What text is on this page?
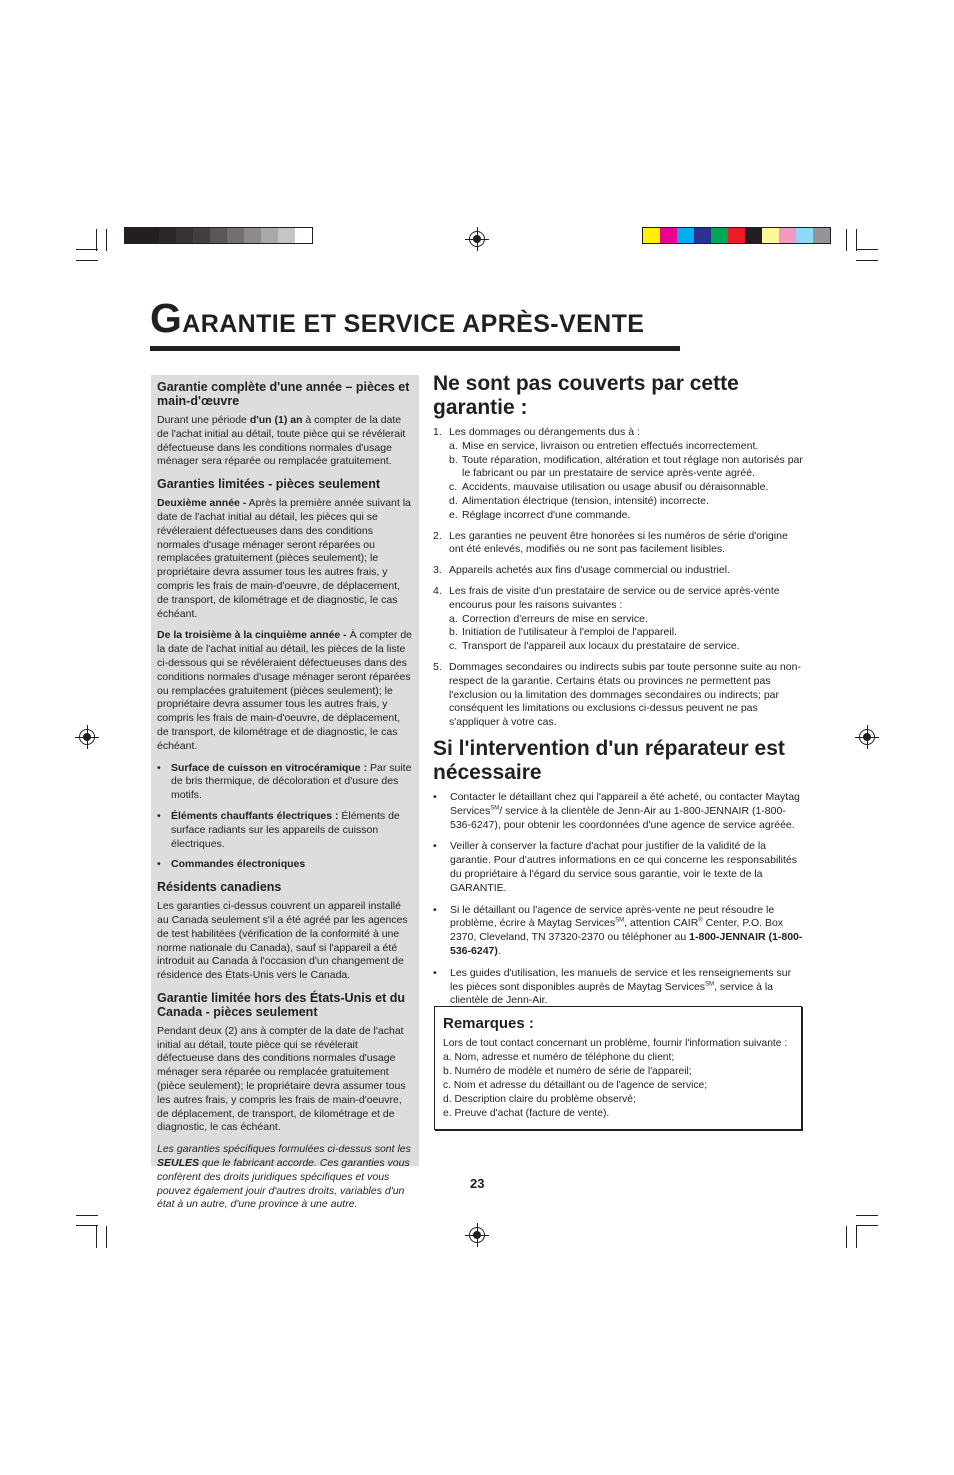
GARANTIE ET SERVICE APRÈS-VENTE
Garantie complète d'une année – pièces et main-d'œuvre

Durant une période d'un (1) an à compter de la date de l'achat initial au détail, toute pièce qui se révélerait défectueuse dans les conditions normales d'usage ménager sera réparée ou remplacée gratuitement.

Garanties limitées - pièces seulement

Deuxième année - Après la première année suivant la date de l'achat initial au détail, les pièces qui se révéleraient défectueuses dans des conditions normales d'usage ménager seront réparées ou remplacées gratuitement (pièces seulement); le propriétaire devra assumer tous les autres frais, y compris les frais de main-d'oeuvre, de déplacement, de transport, de kilométrage et de diagnostic, le cas échéant.

De la troisième à la cinquième année - À compter de la date de l'achat initial au détail, les pièces de la liste ci-dessous qui se révéleraient défectueuses dans des conditions normales d'usage ménager seront réparées ou remplacées gratuitement (pièces seulement); le propriétaire devra assumer tous les autres frais, y compris les frais de main-d'oeuvre, de déplacement, de transport, de kilométrage et de diagnostic, le cas échéant.

• Surface de cuisson en vitrocéramique : Par suite de bris thermique, de décoloration et d'usure des motifs.
• Éléments chauffants électriques : Éléments de surface radiants sur les appareils de cuisson électriques.
• Commandes électroniques
Résidents canadiens

Les garanties ci-dessus couvrent un appareil installé au Canada seulement s'il a été agréé par les agences de test habilitées (vérification de la conformité à une norme nationale du Canada), sauf si l'appareil a été introduit au Canada à l'occasion d'un changement de résidence des États-Unis vers le Canada.

Garantie limitée hors des États-Unis et du Canada - pièces seulement

Pendant deux (2) ans à compter de la date de l'achat initial au détail, toute pièce qui se révélerait défectueuse dans des conditions normales d'usage ménager sera réparée ou remplacée gratuitement (pièce seulement); le propriétaire devra assumer tous les autres frais, y compris les frais de main-d'oeuvre, de déplacement, de transport, de kilométrage et de diagnostic, le cas échéant.

Les garanties spécifiques formulées ci-dessus sont les SEULES que le fabricant accorde. Ces garanties vous confèrent des droits juridiques spécifiques et vous pouvez également jouir d'autres droits, variables d'un état à un autre, d'une province à une autre.

Ne sont pas couverts par cette garantie :
1. Les dommages ou dérangements dus à :
a. Mise en service, livraison ou entretien effectués incorrectement.
b. Toute réparation, modification, altération et tout réglage non autorisés par le fabricant ou par un prestataire de service après-vente agréé.
c. Accidents, mauvaise utilisation ou usage abusif ou déraisonnable.
d. Alimentation électrique (tension, intensité) incorrecte.
e. Réglage incorrect d'une commande.
2. Les garanties ne peuvent être honorées si les numéros de série d'origine ont été enlevés, modifiés ou ne sont pas facilement lisibles.
3. Appareils achetés aux fins d'usage commercial ou industriel.
4. Les frais de visite d'un prestataire de service ou de service après-vente encourus pour les raisons suivantes :
a. Correction d'erreurs de mise en service.
b. Initiation de l'utilisateur à l'emploi de l'appareil.
c. Transport de l'appareil aux locaux du prestataire de service.
5. Dommages secondaires ou indirects subis par toute personne suite au non-respect de la garantie. Certains états ou provinces ne permettent pas l'exclusion ou la limitation des dommages secondaires ou indirects; par conséquent les limitations ou exclusions ci-dessus peuvent ne pas s'appliquer à votre cas.
Si l'intervention d'un réparateur est nécessaire
• Contacter le détaillant chez qui l'appareil a été acheté, ou contacter Maytag Services℠/ service à la clientèle de Jenn-Air au 1-800-JENNAIR (1-800-536-6247), pour obtenir les coordonnées d'une agence de service agréée.
• Veiller à conserver la facture d'achat pour justifier de la validité de la garantie. Pour d'autres informations en ce qui concerne les responsabilités du propriétaire à l'égard du service sous garantie, voir le texte de la GARANTIE.
• Si le détaillant ou l'agence de service après-vente ne peut résoudre le problème, écrire à Maytag Services℠, attention CAIR® Center, P.O. Box 2370, Cleveland, TN 37320-2370 ou téléphoner au 1-800-JENNAIR (1-800-536-6247).
• Les guides d'utilisation, les manuels de service et les renseignements sur les pièces sont disponibles auprès de Maytag Services℠, service à la clientèle de Jenn-Air.
Remarques :
Lors de tout contact concernant un problème, fournir l'information suivante :
a. Nom, adresse et numéro de téléphone du client;
b. Numéro de modèle et numéro de série de l'appareil;
c. Nom et adresse du détaillant ou de l'agence de service;
d. Description claire du problème observé;
e. Preuve d'achat (facture de vente).
23
